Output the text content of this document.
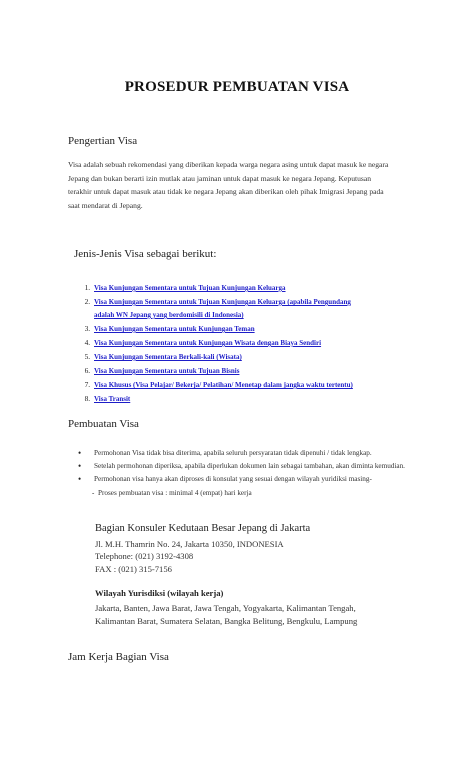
PROSEDUR PEMBUATAN VISA
Pengertian Visa
Visa adalah sebuah rekomendasi yang diberikan kepada warga negara asing untuk dapat masuk ke negara
Jepang dan bukan berarti izin mutlak atau jaminan untuk dapat masuk ke negara Jepang. Keputusan
terakhir untuk dapat masuk atau tidak ke negara Jepang akan diberikan oleh pihak Imigrasi Jepang pada
saat mendarat di Jepang.
Jenis-Jenis Visa sebagai berikut:
1. Visa Kunjungan Sementara untuk Tujuan Kunjungan Keluarga
2. Visa Kunjungan Sementara untuk Tujuan Kunjungan Keluarga (apabila Pengundang
adalah WN Jepang yang berdomisili di Indonesia)
3. Visa Kunjungan Sementara untuk Kunjungan Teman
4. Visa Kunjungan Sementara untuk Kunjungan Wisata dengan Biaya Sendiri
5. Visa Kunjungan Sementara Berkali-kali (Wisata)
6. Visa Kunjungan Sementara untuk Tujuan Bisnis
7. Visa Khusus (Visa Pelajar/ Bekerja/ Pelatihan/ Menetap dalam jangka waktu tertentu)
8. Visa Transit
Pembuatan Visa
• Permohonan Visa tidak bisa diterima, apabila seluruh persyaratan tidak dipenuhi / tidak lengkap.
• Setelah permohonan diperiksa, apabila diperlukan dokumen lain sebagai tambahan, akan diminta kemudian.
• Permohonan visa hanya akan diproses di konsulat yang sesuai dengan wilayah yuridiksi masing-
- Proses pembuatan visa : minimal 4 (empat) hari kerja
Bagian Konsuler Kedutaan Besar Jepang di Jakarta
Jl. M.H. Thamrin No. 24, Jakarta 10350, INDONESIA
Telephone: (021) 3192-4308
FAX : (021) 315-7156
Wilayah Yurisdiksi (wilayah kerja)
Jakarta, Banten, Jawa Barat, Jawa Tengah, Yogyakarta, Kalimantan Tengah,
Kalimantan Barat, Sumatera Selatan, Bangka Belitung, Bengkulu, Lampung
Jam Kerja Bagian Visa
